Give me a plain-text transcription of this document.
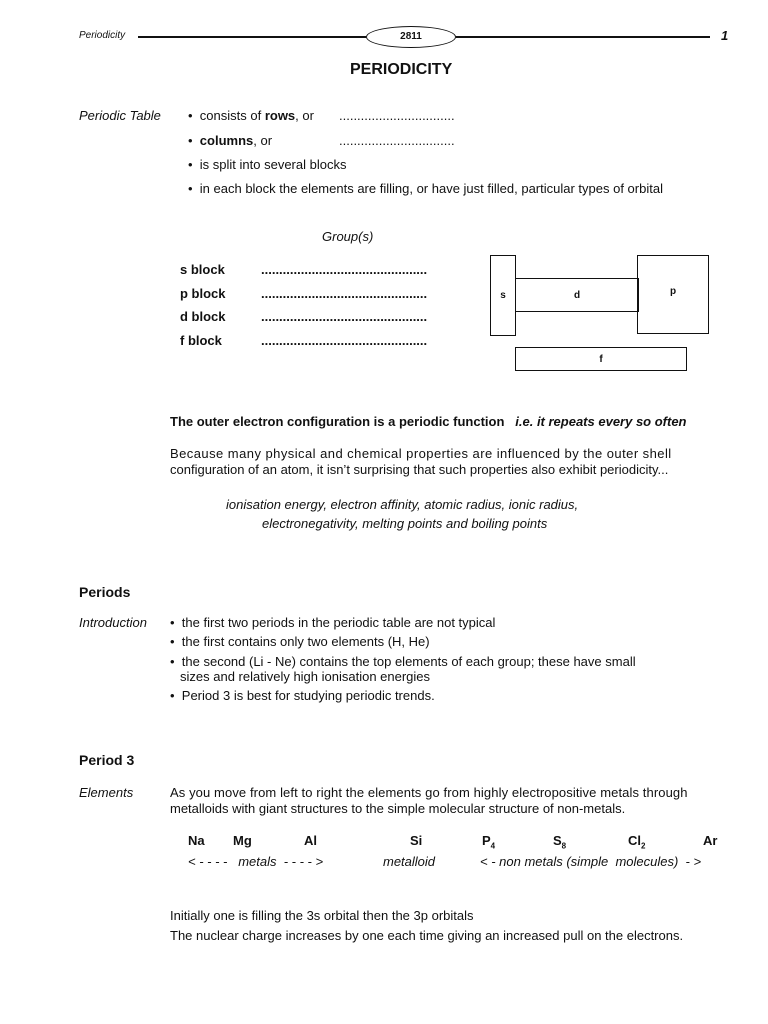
Periodicity	2811	1
PERIODICITY
Periodic Table •  consists of rows, or ................................
•  columns, or	................................
•  is split into several blocks
•  in each block the elements are filling, or have just filled, particular types of orbital
Group(s)
s block	..............................................
p block	..............................................
d block	..............................................
f block	..............................................
s	d	p
f
The outer electron configuration is a periodic function i.e. it repeats every so often
Because many physical and chemical properties are influenced by the outer shell
configuration of an atom, it isn’t surprising that such properties also exhibit periodicity...
ionisation energy, electron affinity, atomic radius, ionic radius,
electronegativity, melting points and boiling points
Periods
Introduction •  the first two periods in the periodic table are not typical
•  the first contains only two elements (H, He)
•  the second (Li - Ne) contains the top elements of each group; these have small
sizes and relatively high ionisation energies
•  Period 3 is best for studying periodic trends.
Period 3
Elements	As you move from left to right the elements go from highly electropositive metals through
metalloids with giant structures to the simple molecular structure of non-metals.
Na Mg	Al	Si	$P_4$	$S_8$	$Cl_2$	Ar
< - - - -   metals  - - - - >	metalloid	< - non metals (simple  molecules)  - >
Initially one is filling the 3s orbital then the 3p orbitals
The nuclear charge increases by one each time giving an increased pull on the electrons.
